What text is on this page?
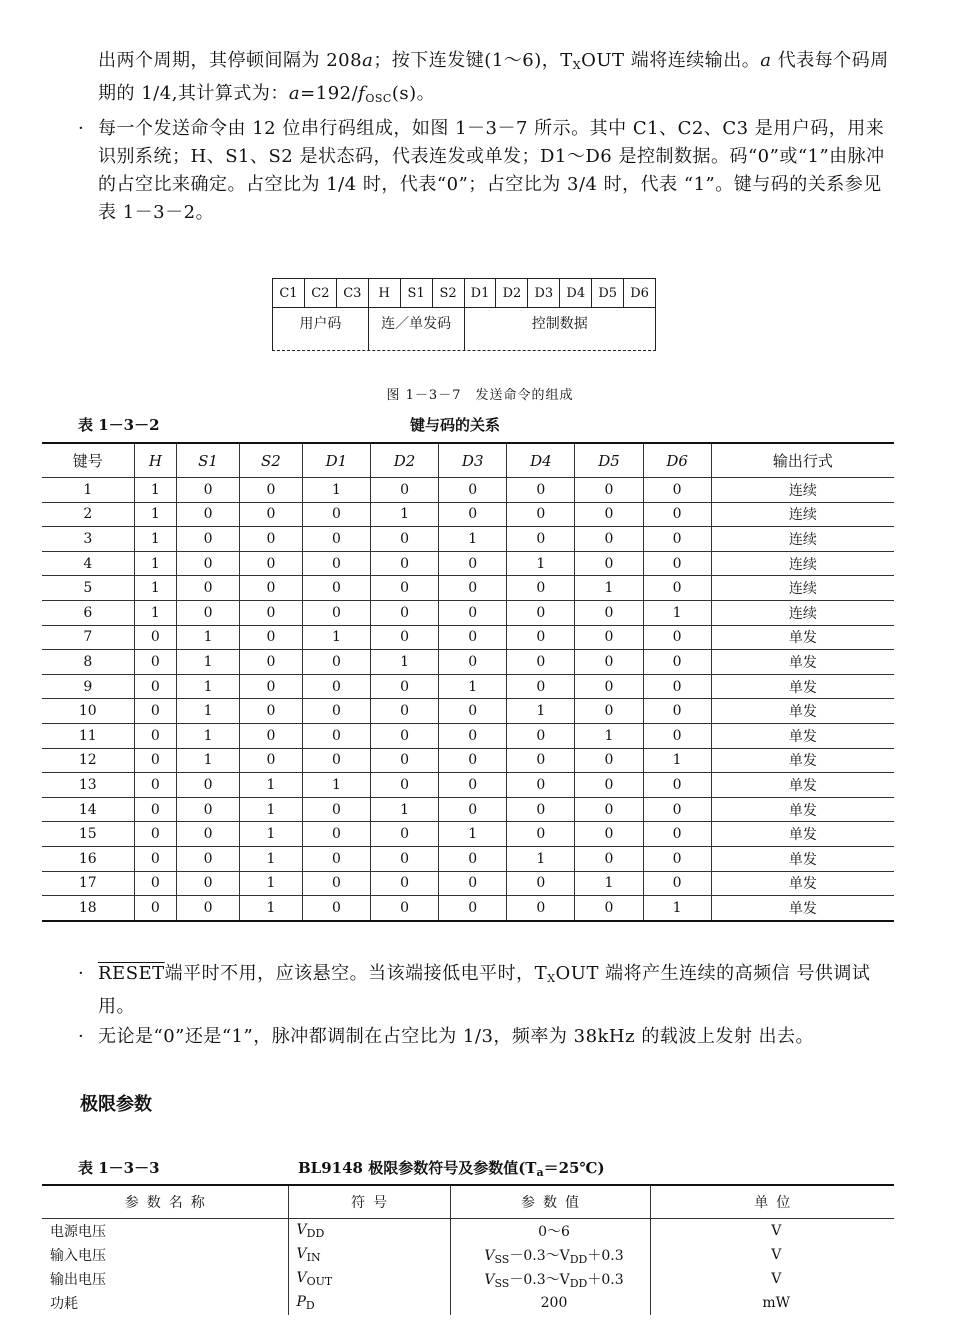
出两个周期，其停顿间隔为 208a；按下连发键(1～6)，$T_XOUT$ 端将连续输出。a 代表每个码周期的 1/4,其计算式为：$a=192/f_{OSC}(s)$。
· 每一个发送命令由 12 位串行码组成，如图 1－3－7 所示。其中 C1、C2、C3 是用户码，用来 识别系统；H、S1、S2 是状态码，代表连发或单发；D1～D6 是控制数据。码“0”或“1”由脉冲的占空比来确定。占空比为 1/4 时，代表“0”；占空比为 3/4 时，代表 “1”。键与码的关系参见表 1－3－2。
C1	C2	C3	H	S1	S2	D1	D2	D3	D4	D5	D6
用户码	连／单发码	控制数据
图 1－3－7　发送命令的组成
表 1－3－2	键与码的关系
键号	H	S1	S2	D1	D2	D3	D4	D5	D6	输出行式
1	1	0	0	1	0	0	0	0	0	连续
2	1	0	0	0	1	0	0	0	0	连续
3	1	0	0	0	0	1	0	0	0	连续
4	1	0	0	0	0	0	1	0	0	连续
5	1	0	0	0	0	0	0	1	0	连续
6	1	0	0	0	0	0	0	0	1	连续
7	0	1	0	1	0	0	0	0	0	单发
8	0	1	0	0	1	0	0	0	0	单发
9	0	1	0	0	0	1	0	0	0	单发
10	0	1	0	0	0	0	1	0	0	单发
11	0	1	0	0	0	0	0	1	0	单发
12	0	1	0	0	0	0	0	0	1	单发
13	0	0	1	1	0	0	0	0	0	单发
14	0	0	1	0	1	0	0	0	0	单发
15	0	0	1	0	0	1	0	0	0	单发
16	0	0	1	0	0	0	1	0	0	单发
17	0	0	1	0	0	0	0	1	0	单发
18	0	0	1	0	0	0	0	0	1	单发
· RESET端平时不用，应该悬空。当该端接低电平时，$T_XOUT$ 端将产生连续的高频信 号供调试用。
· 无论是“0”还是“1”，脉冲都调制在占空比为 1/3，频率为 38kHz 的载波上发射 出去。
极限参数
表 1－3－3	BL9148 极限参数符号及参数值$(T_a=25℃)$
参数名称	符号	参数值	单位
电源电压	$V_{DD}$	0～6	V
输入电压	$V_{IN}$	$V_{SS}-0.3\sim V_{DD}+0.3$	V
输出电压	$V_{OUT}$	$V_{SS}-0.3\sim V_{DD}+0.3$	V
功耗	$P_D$	200	mW
